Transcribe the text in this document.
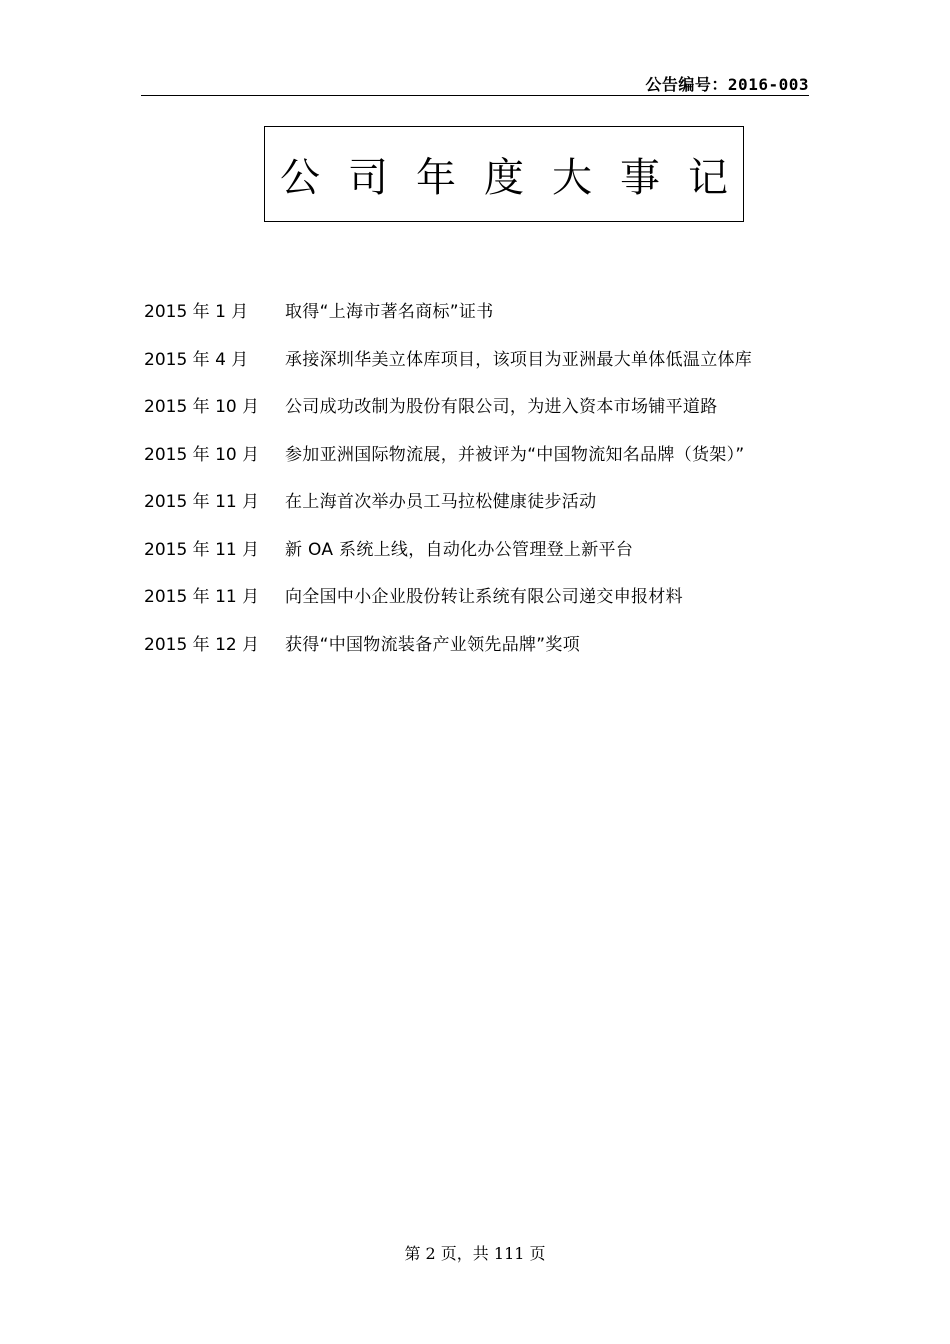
公告编号：2016-003
公司年度大事记
2015 年 1 月	取得“上海市著名商标”证书
2015 年 4 月	承接深圳华美立体库项目，该项目为亚洲最大单体低温立体库
2015 年 10 月	公司成功改制为股份有限公司，为进入资本市场铺平道路
2015 年 10 月	参加亚洲国际物流展，并被评为“中国物流知名品牌（货架）”
2015 年 11 月	在上海首次举办员工马拉松健康徒步活动
2015 年 11 月	新 OA 系统上线，自动化办公管理登上新平台
2015 年 11 月	向全国中小企业股份转让系统有限公司递交申报材料
2015 年 12 月	获得“中国物流装备产业领先品牌”奖项
第 2 页，共 111 页
